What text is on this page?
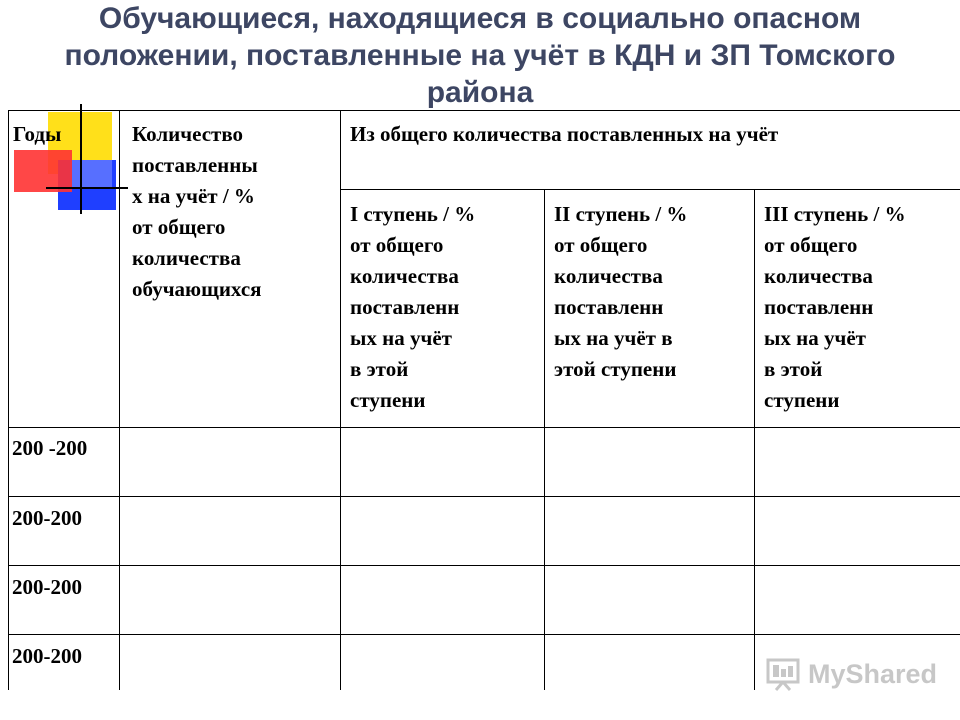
Обучающиеся, находящиеся в социально опасном положении, поставленные на учёт в КДН и ЗП Томского района
Годы	Количество
поставленны
х на учёт / %
от общего
количества
обучающихся
Из общего количества поставленных на учёт
I ступень / %
от общего
количества
поставленн
ых на учёт
в этой
ступени
II ступень / %
от общего
количества
поставленн
ых на учёт в
этой ступени
III ступень / %
от общего
количества
поставленн
ых на учёт
в этой
ступени
200 -200
200-200
200-200
200-200
MyShared
